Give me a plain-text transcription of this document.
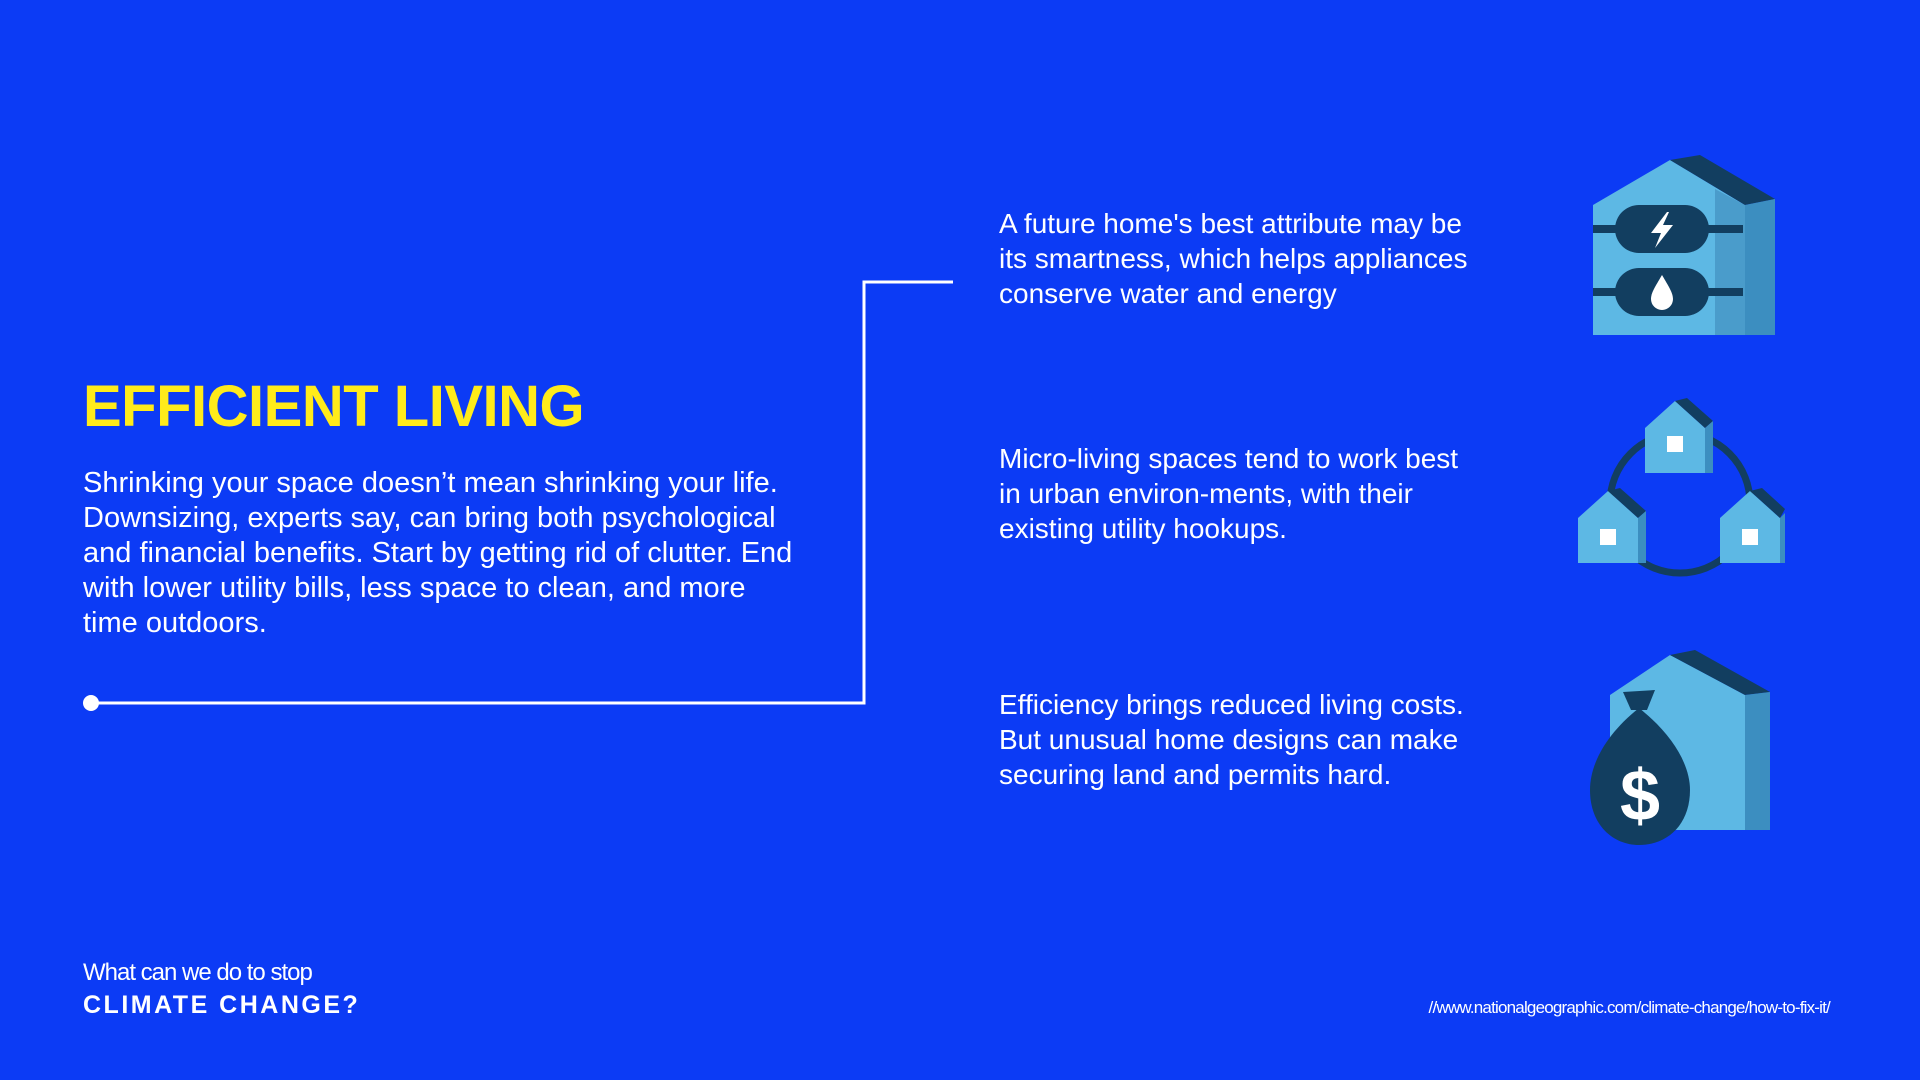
EFFICIENT LIVING

Shrinking your space doesn’t mean shrinking your life. Downsizing, experts say, can bring both psychological and financial benefits. Start by getting rid of clutter. End with lower utility bills, less space to clean, and more time outdoors.

A future home's best attribute may be its smartness, which helps appliances conserve water and energy

Micro-living spaces tend to work best in urban environ-ments, with their existing utility hookups.

Efficiency brings reduced living costs. But unusual home designs can make securing land and permits hard.	$

What can we do to stop

CLIMATE CHANGE?	//www.nationalgeographic.com/climate-change/how-to-fix-it/
